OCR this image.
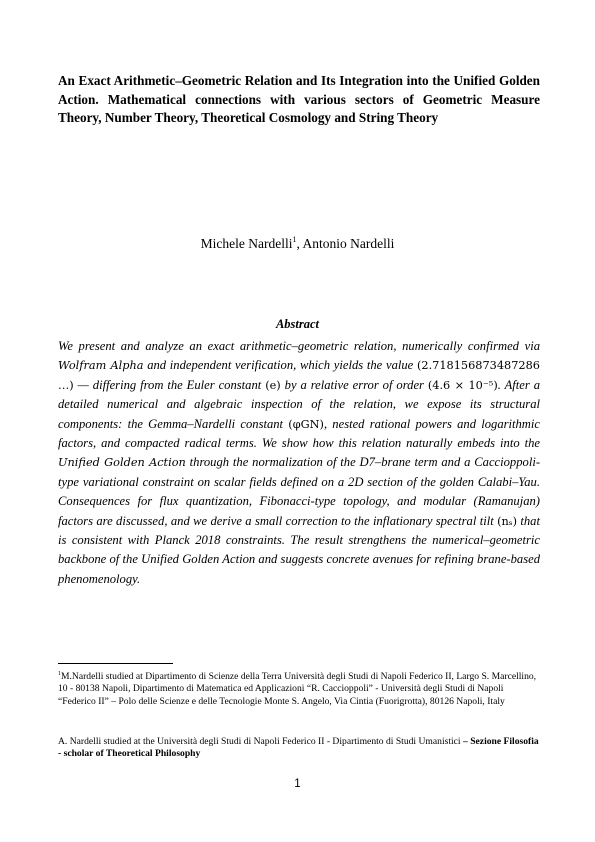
An Exact Arithmetic–Geometric Relation and Its Integration into the Unified Golden Action. Mathematical connections with various sectors of Geometric Measure Theory, Number Theory, Theoretical Cosmology and String Theory
Michele Nardelli$^1$, Antonio Nardelli
Abstract
We present and analyze an exact arithmetic–geometric relation, numerically confirmed via Wolfram Alpha and independent verification, which yields the value (2.718156873487286 …) — differing from the Euler constant (e) by a relative error of order (4.6 × 10⁻⁵). After a detailed numerical and algebraic inspection of the relation, we expose its structural components: the Gemma–Nardelli constant (φGN), nested rational powers and logarithmic factors, and compacted radical terms. We show how this relation naturally embeds into the Unified Golden Action through the normalization of the D7–brane term and a Caccioppoli-type variational constraint on scalar fields defined on a 2D section of the golden Calabi–Yau. Consequences for flux quantization, Fibonacci-type topology, and modular (Ramanujan) factors are discussed, and we derive a small correction to the inflationary spectral tilt (nₛ) that is consistent with Planck 2018 constraints. The result strengthens the numerical–geometric backbone of the Unified Golden Action and suggests concrete avenues for refining brane-based phenomenology.
$^1$M.Nardelli studied at Dipartimento di Scienze della Terra Università degli Studi di Napoli Federico II, Largo S. Marcellino, 10 - 80138 Napoli, Dipartimento di Matematica ed Applicazioni “R. Caccioppoli” - Università degli Studi di Napoli “Federico II” – Polo delle Scienze e delle Tecnologie Monte S. Angelo, Via Cintia (Fuorigrotta), 80126 Napoli, Italy
A. Nardelli studied at the Università degli Studi di Napoli Federico II - Dipartimento di Studi Umanistici – Sezione Filosofia - scholar of Theoretical Philosophy
1
